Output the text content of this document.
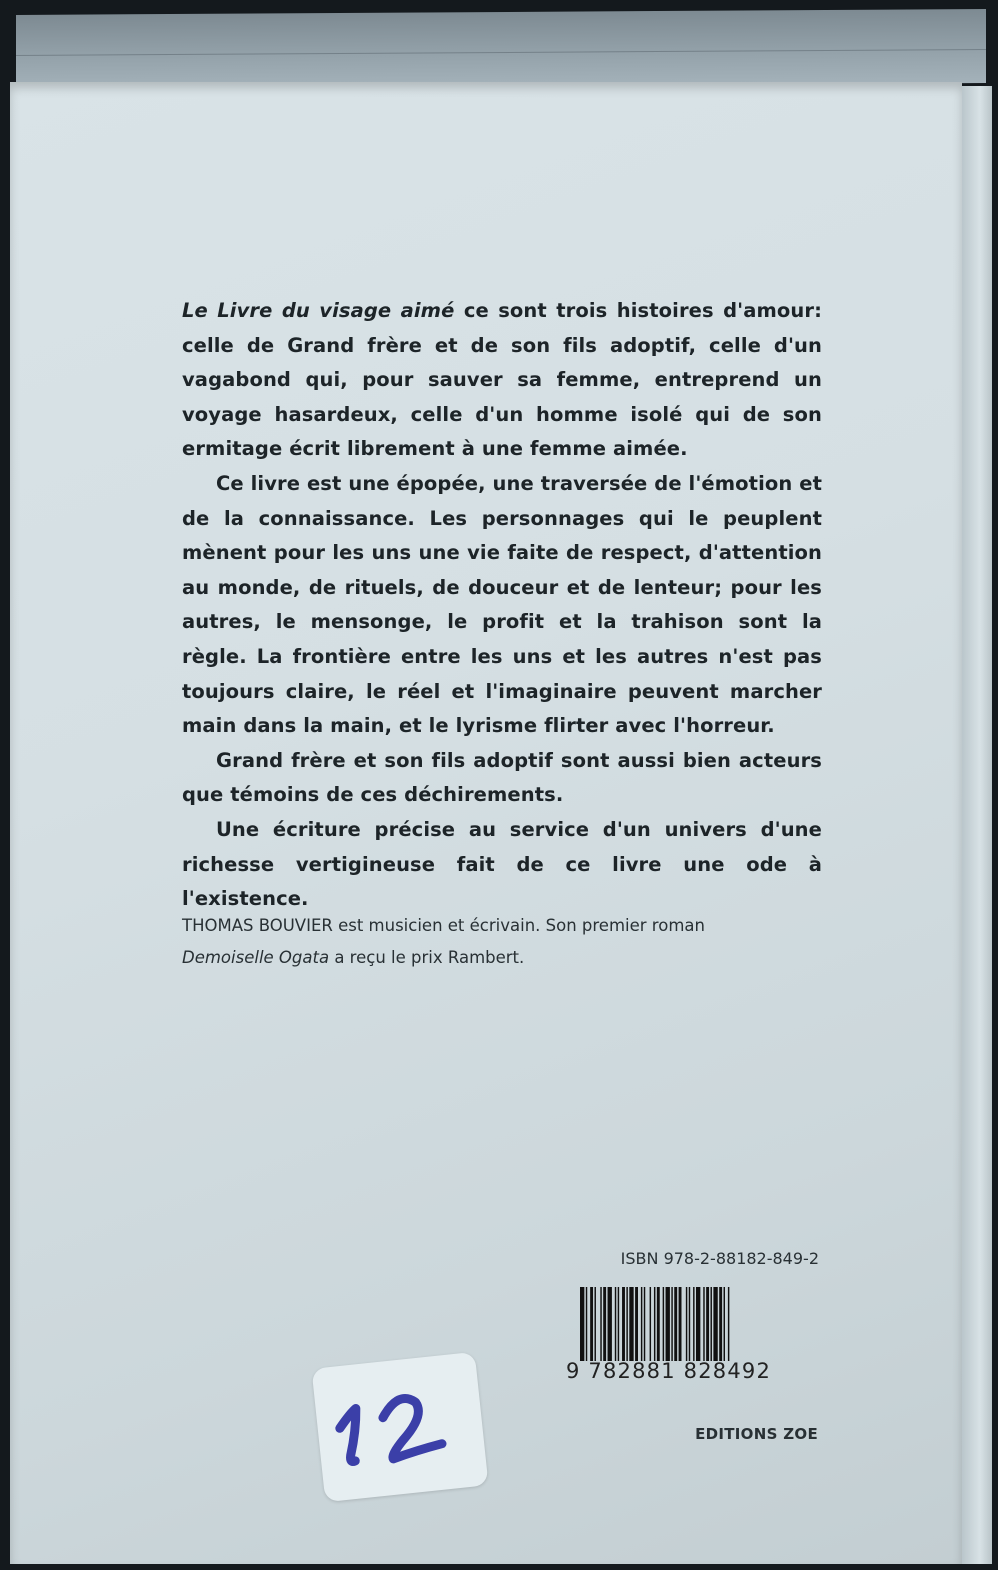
Le Livre du visage aimé ce sont trois histoires d'amour: celle de Grand frère et de son fils adoptif, celle d'un vagabond qui, pour sauver sa femme, entreprend un voyage hasardeux, celle d'un homme isolé qui de son ermitage écrit librement à une femme aimée.

Ce livre est une épopée, une traversée de l'émotion et de la connaissance. Les personnages qui le peuplent mènent pour les uns une vie faite de respect, d'attention au monde, de rituels, de douceur et de lenteur; pour les autres, le mensonge, le profit et la trahison sont la règle. La frontière entre les uns et les autres n'est pas toujours claire, le réel et l'imaginaire peuvent marcher main dans la main, et le lyrisme flirter avec l'horreur.

Grand frère et son fils adoptif sont aussi bien acteurs que témoins de ces déchirements.

Une écriture précise au service d'un univers d'une richesse vertigineuse fait de ce livre une ode à l'existence.

THOMAS BOUVIER est musicien et écrivain. Son premier roman

Demoiselle Ogata a reçu le prix Rambert.

ISBN 978-2-88182-849-2
9 782881 828492
EDITIONS ZOE
